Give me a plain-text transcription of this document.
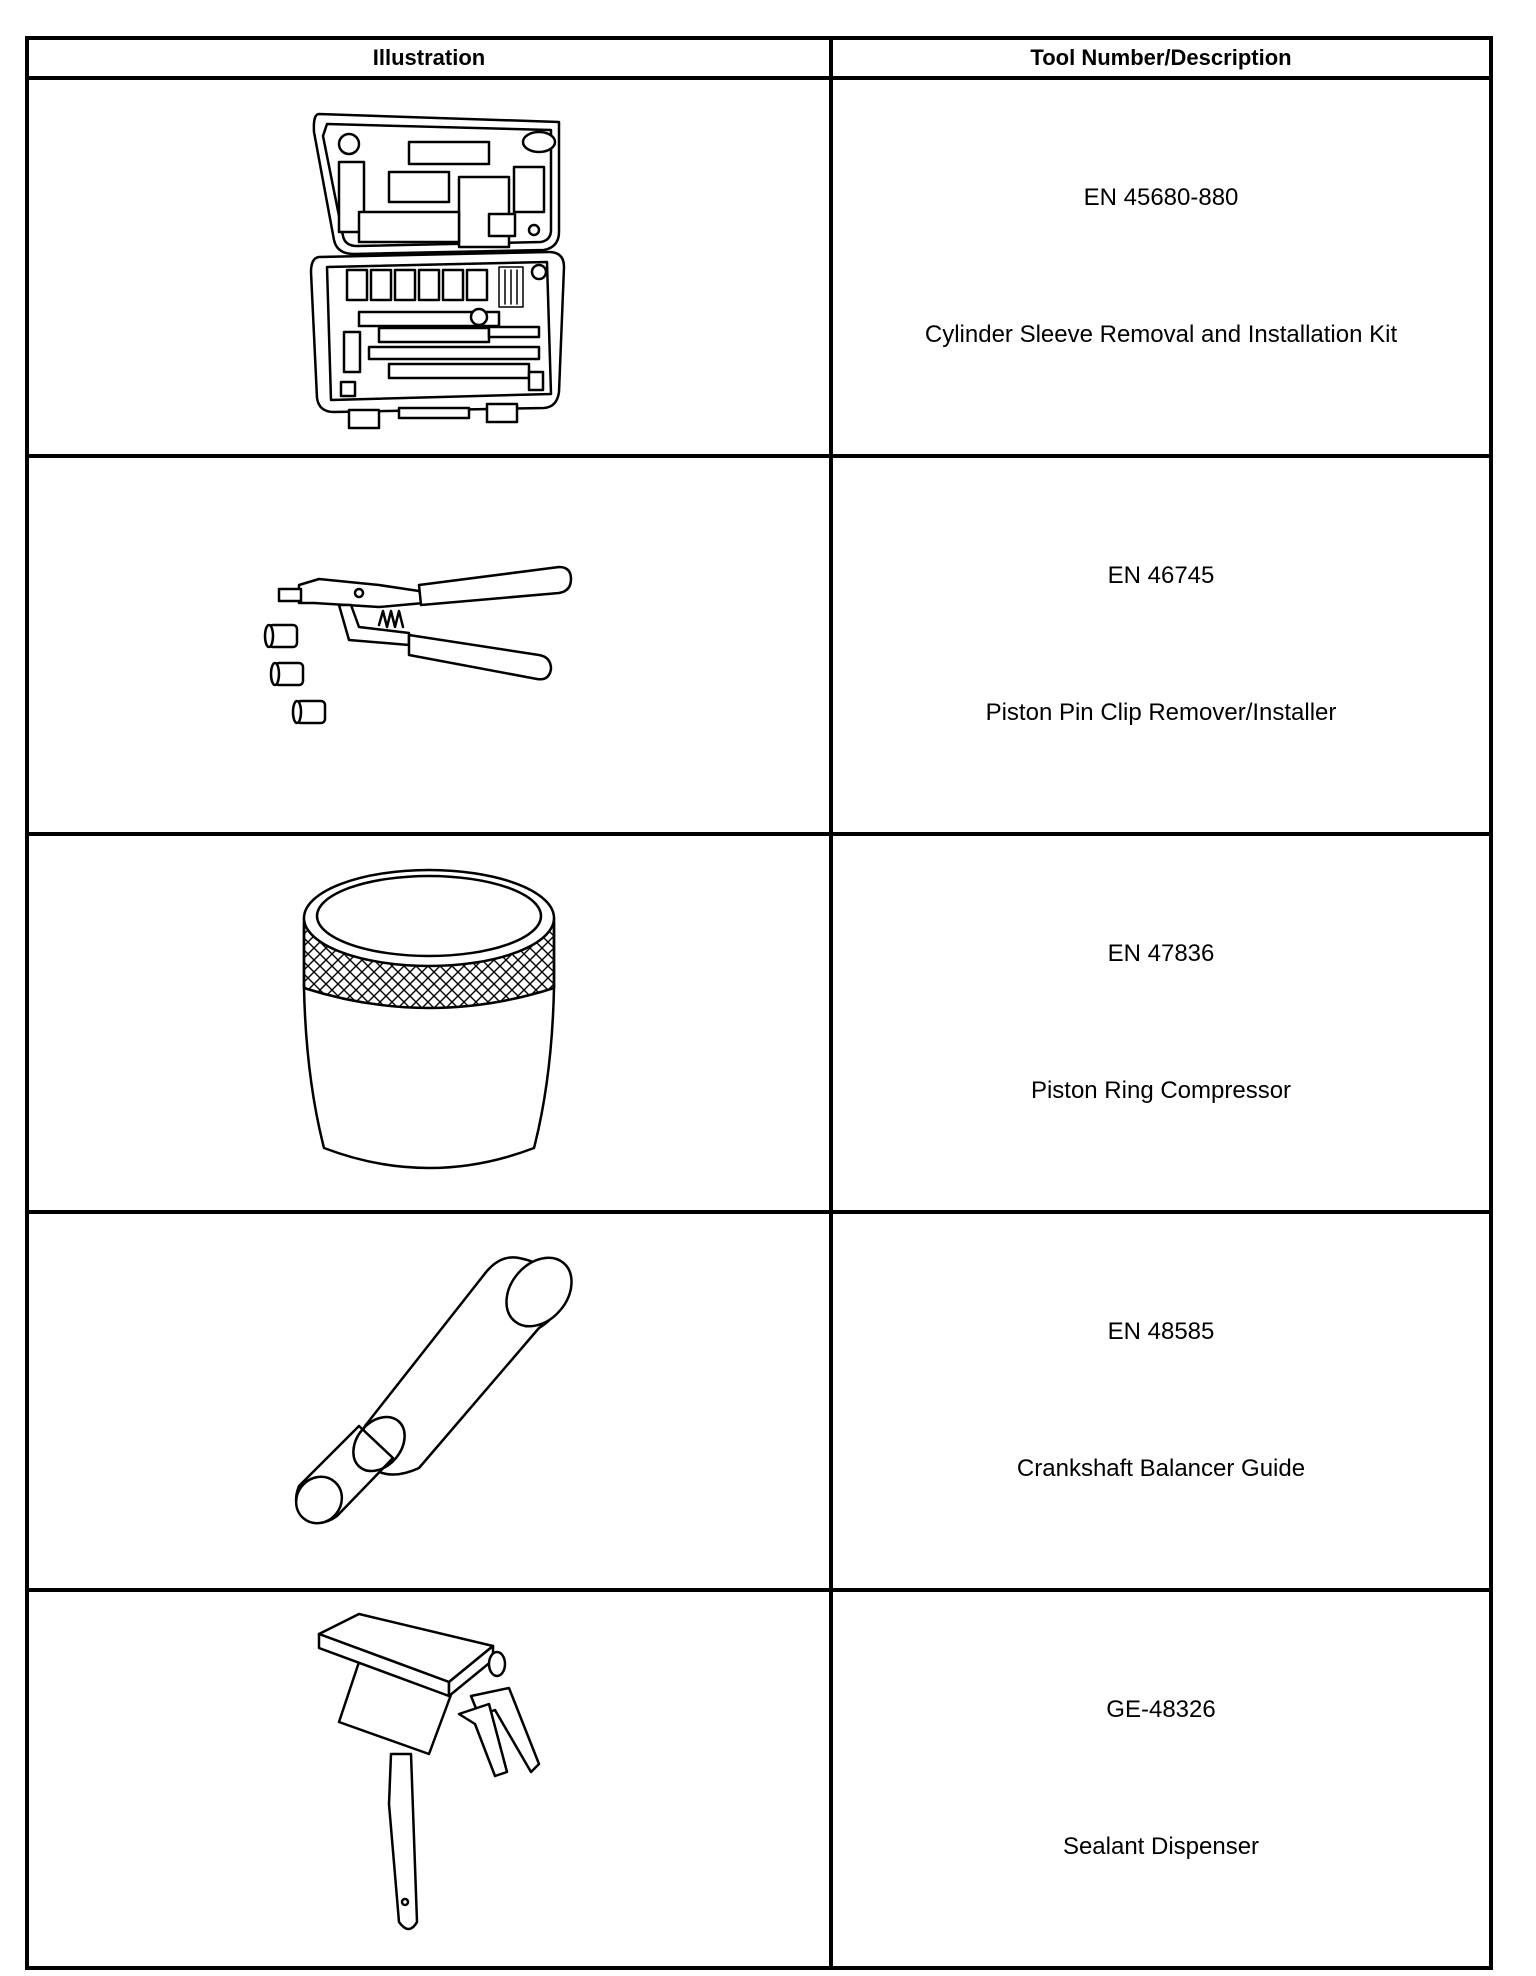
Illustration	Tool Number/Description

EN 45680-880
Cylinder Sleeve Removal and Installation Kit

EN 46745
Piston Pin Clip Remover/Installer

EN 47836
Piston Ring Compressor

EN 48585
Crankshaft Balancer Guide

GE-48326
Sealant Dispenser
